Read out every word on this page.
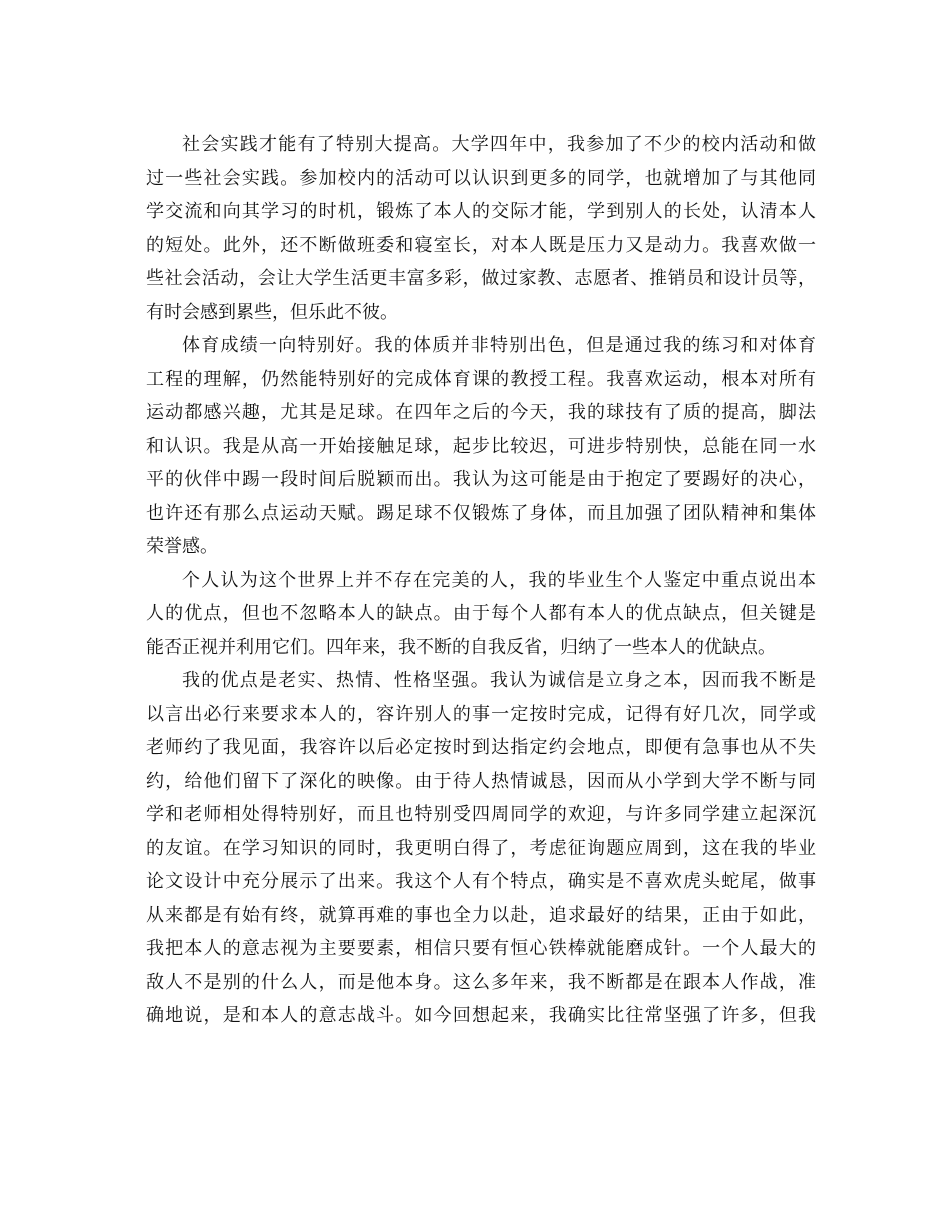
社会实践才能有了特别大提高。大学四年中，我参加了不少的校内活动和做
过一些社会实践。参加校内的活动可以认识到更多的同学，也就增加了与其他同
学交流和向其学习的时机，锻炼了本人的交际才能，学到别人的长处，认清本人
的短处。此外，还不断做班委和寝室长，对本人既是压力又是动力。我喜欢做一
些社会活动，会让大学生活更丰富多彩，做过家教、志愿者、推销员和设计员等，
有时会感到累些，但乐此不彼。
体育成绩一向特别好。我的体质并非特别出色，但是通过我的练习和对体育
工程的理解，仍然能特别好的完成体育课的教授工程。我喜欢运动，根本对所有
运动都感兴趣，尤其是足球。在四年之后的今天，我的球技有了质的提高，脚法
和认识。我是从高一开始接触足球，起步比较迟，可进步特别快，总能在同一水
平的伙伴中踢一段时间后脱颖而出。我认为这可能是由于抱定了要踢好的决心，
也许还有那么点运动天赋。踢足球不仅锻炼了身体，而且加强了团队精神和集体
荣誉感。
个人认为这个世界上并不存在完美的人，我的毕业生个人鉴定中重点说出本
人的优点，但也不忽略本人的缺点。由于每个人都有本人的优点缺点，但关键是
能否正视并利用它们。四年来，我不断的自我反省，归纳了一些本人的优缺点。
我的优点是老实、热情、性格坚强。我认为诚信是立身之本，因而我不断是
以言出必行来要求本人的，容许别人的事一定按时完成，记得有好几次，同学或
老师约了我见面，我容许以后必定按时到达指定约会地点，即便有急事也从不失
约，给他们留下了深化的映像。由于待人热情诚恳，因而从小学到大学不断与同
学和老师相处得特别好，而且也特别受四周同学的欢迎，与许多同学建立起深沉
的友谊。在学习知识的同时，我更明白得了，考虑征询题应周到，这在我的毕业
论文设计中充分展示了出来。我这个人有个特点，确实是不喜欢虎头蛇尾，做事
从来都是有始有终，就算再难的事也全力以赴，追求最好的结果，正由于如此，
我把本人的意志视为主要要素，相信只要有恒心铁棒就能磨成针。一个人最大的
敌人不是别的什么人，而是他本身。这么多年来，我不断都是在跟本人作战，准
确地说，是和本人的意志战斗。如今回想起来，我确实比往常坚强了许多，但我
